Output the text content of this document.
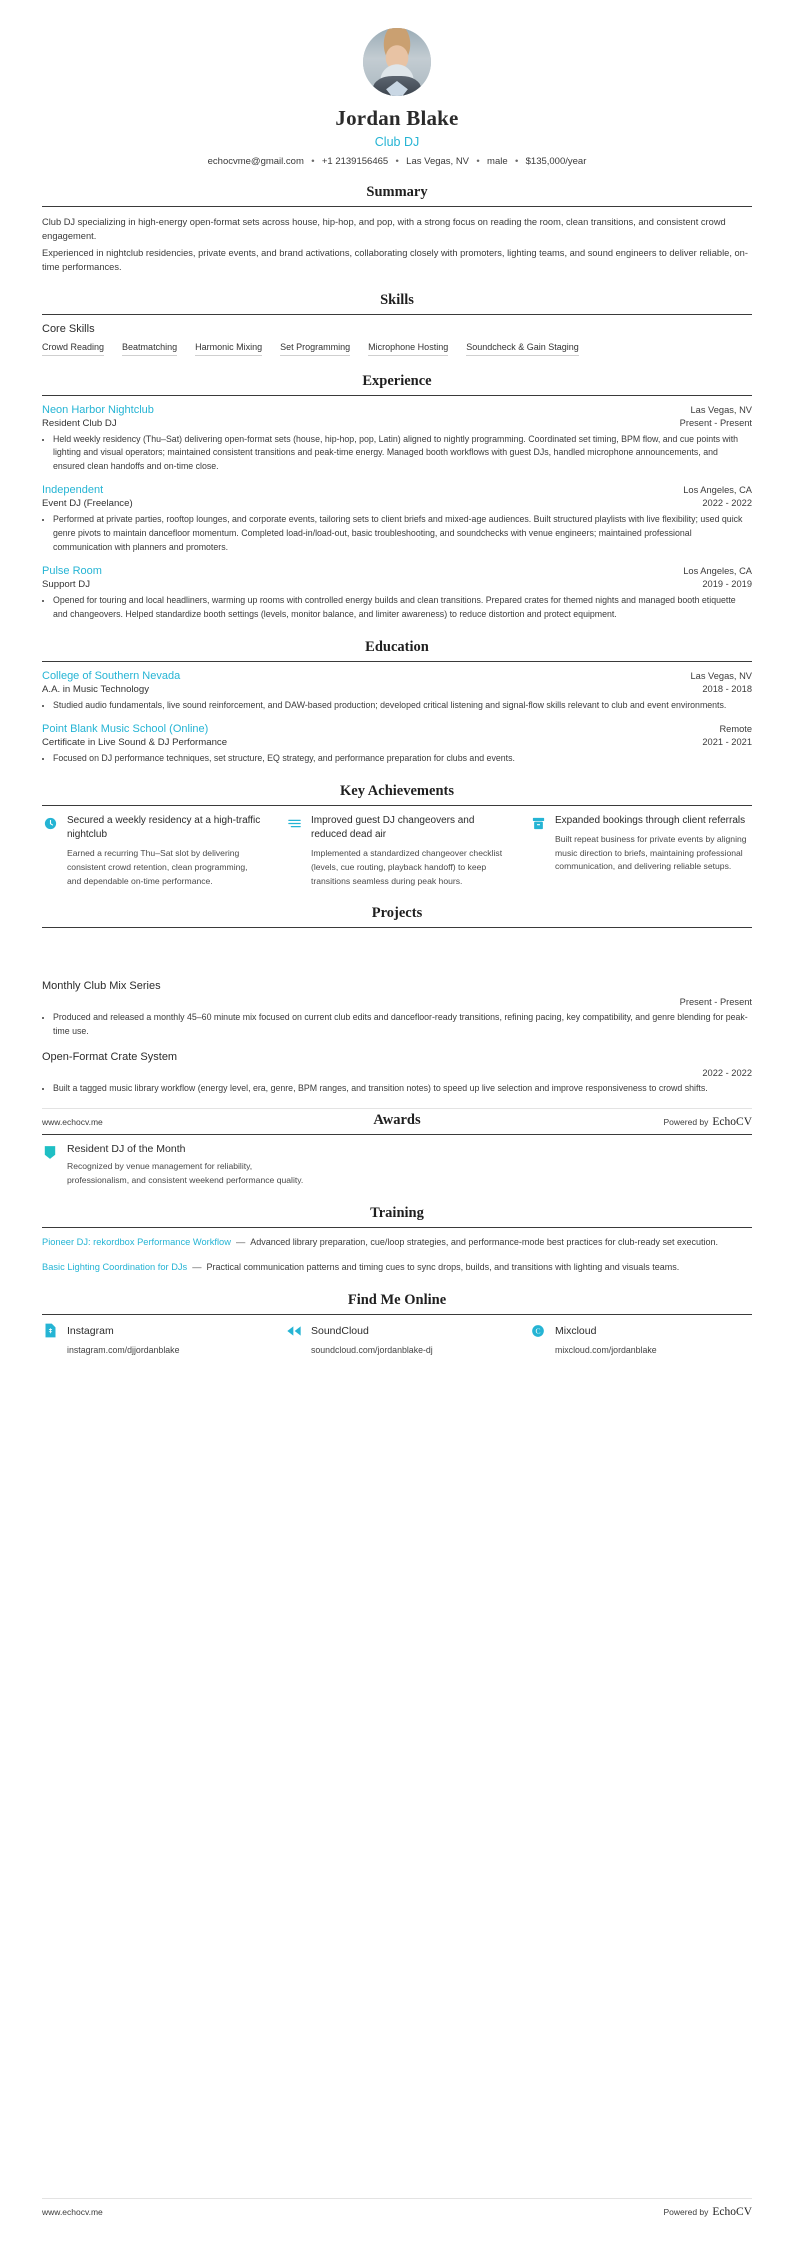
Jordan Blake
Club DJ
echocvme@gmail.com • +1 2139156465 • Las Vegas, NV • male • $135,000/year
Summary
Club DJ specializing in high-energy open-format sets across house, hip-hop, and pop, with a strong focus on reading the room, clean transitions, and consistent crowd engagement.
Experienced in nightclub residencies, private events, and brand activations, collaborating closely with promoters, lighting teams, and sound engineers to deliver reliable, on-time performances.
Skills
Core Skills
Crowd Reading Beatmatching Harmonic Mixing Set Programming Microphone Hosting Soundcheck & Gain Staging
Experience
Neon Harbor Nightclub	Las Vegas, NV
Resident Club DJ	Present - Present
• Held weekly residency (Thu–Sat) delivering open-format sets (house, hip-hop, pop, Latin) aligned to nightly programming. Coordinated set timing, BPM flow, and cue points with lighting and visual operators; maintained consistent transitions and peak-time energy. Managed booth workflows with guest DJs, handled microphone announcements, and ensured clean handoffs and on-time close.
Independent	Los Angeles, CA
Event DJ (Freelance)	2022 - 2022
• Performed at private parties, rooftop lounges, and corporate events, tailoring sets to client briefs and mixed-age audiences. Built structured playlists with live flexibility; used quick genre pivots to maintain dancefloor momentum. Completed load-in/load-out, basic troubleshooting, and soundchecks with venue engineers; maintained professional communication with planners and promoters.
Pulse Room	Los Angeles, CA
Support DJ	2019 - 2019
• Opened for touring and local headliners, warming up rooms with controlled energy builds and clean transitions. Prepared crates for themed nights and managed booth etiquette and changeovers. Helped standardize booth settings (levels, monitor balance, and limiter awareness) to reduce distortion and protect equipment.
Education
College of Southern Nevada	Las Vegas, NV
A.A. in Music Technology	2018 - 2018
• Studied audio fundamentals, live sound reinforcement, and DAW-based production; developed critical listening and signal-flow skills relevant to club and event environments.
Point Blank Music School (Online)	Remote
Certificate in Live Sound & DJ Performance	2021 - 2021
• Focused on DJ performance techniques, set structure, EQ strategy, and performance preparation for clubs and events.
Key Achievements
Secured a weekly residency at a high-traffic nightclub
Earned a recurring Thu–Sat slot by delivering consistent crowd retention, clean programming, and dependable on-time performance.
Improved guest DJ changeovers and reduced dead air
Implemented a standardized changeover checklist (levels, cue routing, playback handoff) to keep transitions seamless during peak hours.
Expanded bookings through client referrals
Built repeat business for private events by aligning music direction to briefs, maintaining professional communication, and delivering reliable setups.
Projects
Monthly Club Mix Series
Present - Present
• Produced and released a monthly 45–60 minute mix focused on current club edits and dancefloor-ready transitions, refining pacing, key compatibility, and genre blending for peak-time use.
Open-Format Crate System
2022 - 2022
• Built a tagged music library workflow (energy level, era, genre, BPM ranges, and transition notes) to speed up live selection and improve responsiveness to crowd shifts.
Awards
Resident DJ of the Month
Recognized by venue management for reliability, professionalism, and consistent weekend performance quality.
Training
Pioneer DJ: rekordbox Performance Workflow — Advanced library preparation, cue/loop strategies, and performance-mode best practices for club-ready set execution.
Basic Lighting Coordination for DJs — Practical communication patterns and timing cues to sync drops, builds, and transitions with lighting and visuals teams.
Find Me Online
Instagram
instagram.com/djjordanblake
SoundCloud
soundcloud.com/jordanblake-dj
C Mixcloud
mixcloud.com/jordanblake
www.echocv.me	Powered by EchoCV
www.echocv.me	Powered by EchoCV
